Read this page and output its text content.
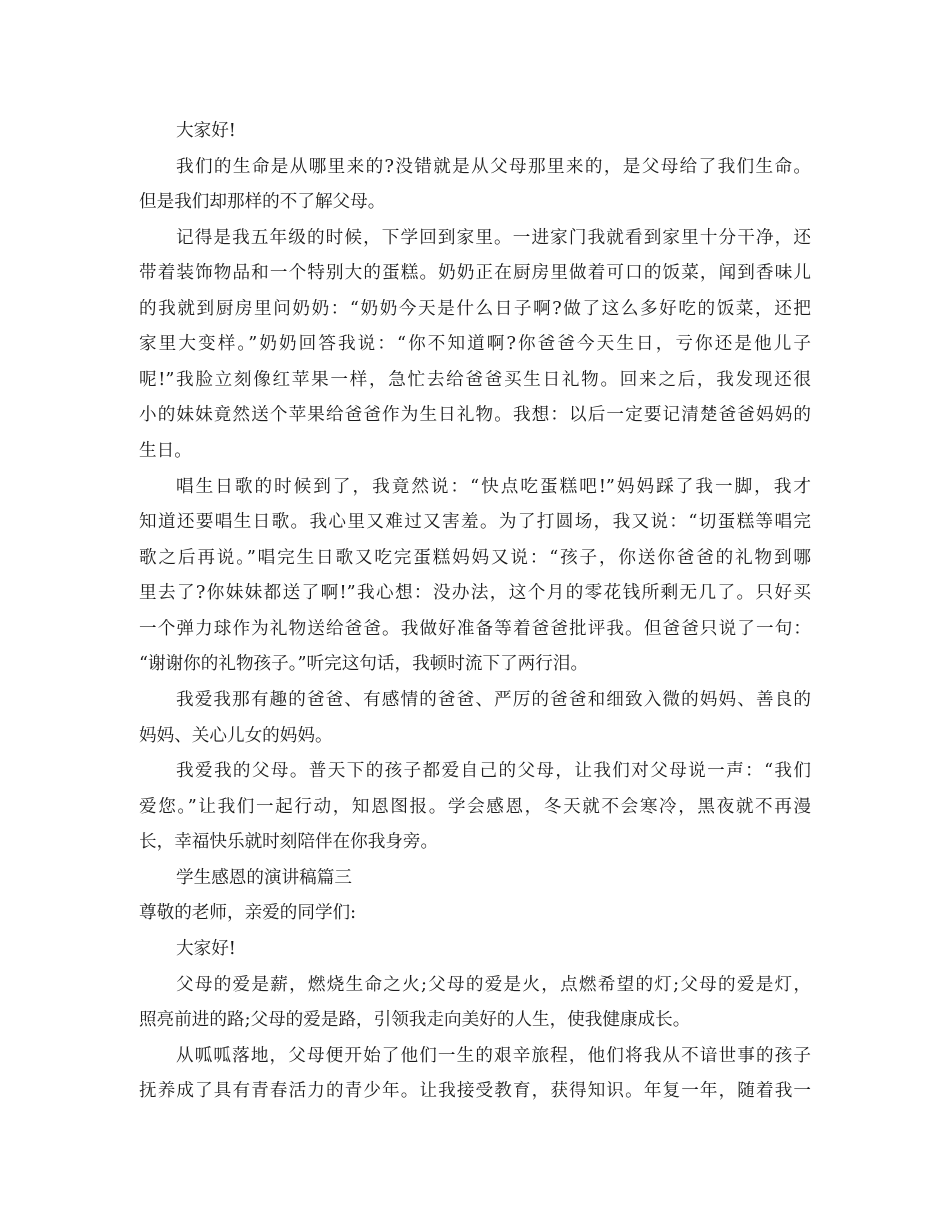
大家好!
我们的生命是从哪里来的?没错就是从父母那里来的，是父母给了我们生命。
但是我们却那样的不了解父母。
记得是我五年级的时候，下学回到家里。一进家门我就看到家里十分干净，还
带着装饰物品和一个特别大的蛋糕。奶奶正在厨房里做着可口的饭菜，闻到香味儿
的我就到厨房里问奶奶：“奶奶今天是什么日子啊?做了这么多好吃的饭菜，还把
家里大变样。”奶奶回答我说：“你不知道啊?你爸爸今天生日，亏你还是他儿子
呢!”我脸立刻像红苹果一样，急忙去给爸爸买生日礼物。回来之后，我发现还很
小的妹妹竟然送个苹果给爸爸作为生日礼物。我想：以后一定要记清楚爸爸妈妈的
生日。
唱生日歌的时候到了，我竟然说：“快点吃蛋糕吧!”妈妈踩了我一脚，我才
知道还要唱生日歌。我心里又难过又害羞。为了打圆场，我又说：“切蛋糕等唱完
歌之后再说。”唱完生日歌又吃完蛋糕妈妈又说：“孩子，你送你爸爸的礼物到哪
里去了?你妹妹都送了啊!”我心想：没办法，这个月的零花钱所剩无几了。只好买
一个弹力球作为礼物送给爸爸。我做好准备等着爸爸批评我。但爸爸只说了一句：
“谢谢你的礼物孩子。”听完这句话，我顿时流下了两行泪。
我爱我那有趣的爸爸、有感情的爸爸、严厉的爸爸和细致入微的妈妈、善良的
妈妈、关心儿女的妈妈。
我爱我的父母。普天下的孩子都爱自己的父母，让我们对父母说一声：“我们
爱您。”让我们一起行动，知恩图报。学会感恩，冬天就不会寒冷，黑夜就不再漫
长，幸福快乐就时刻陪伴在你我身旁。
学生感恩的演讲稿篇三
尊敬的老师，亲爱的同学们:
大家好!
父母的爱是薪，燃烧生命之火;父母的爱是火，点燃希望的灯;父母的爱是灯，
照亮前进的路;父母的爱是路，引领我走向美好的人生，使我健康成长。
从呱呱落地，父母便开始了他们一生的艰辛旅程，他们将我从不谙世事的孩子
抚养成了具有青春活力的青少年。让我接受教育，获得知识。年复一年，随着我一
